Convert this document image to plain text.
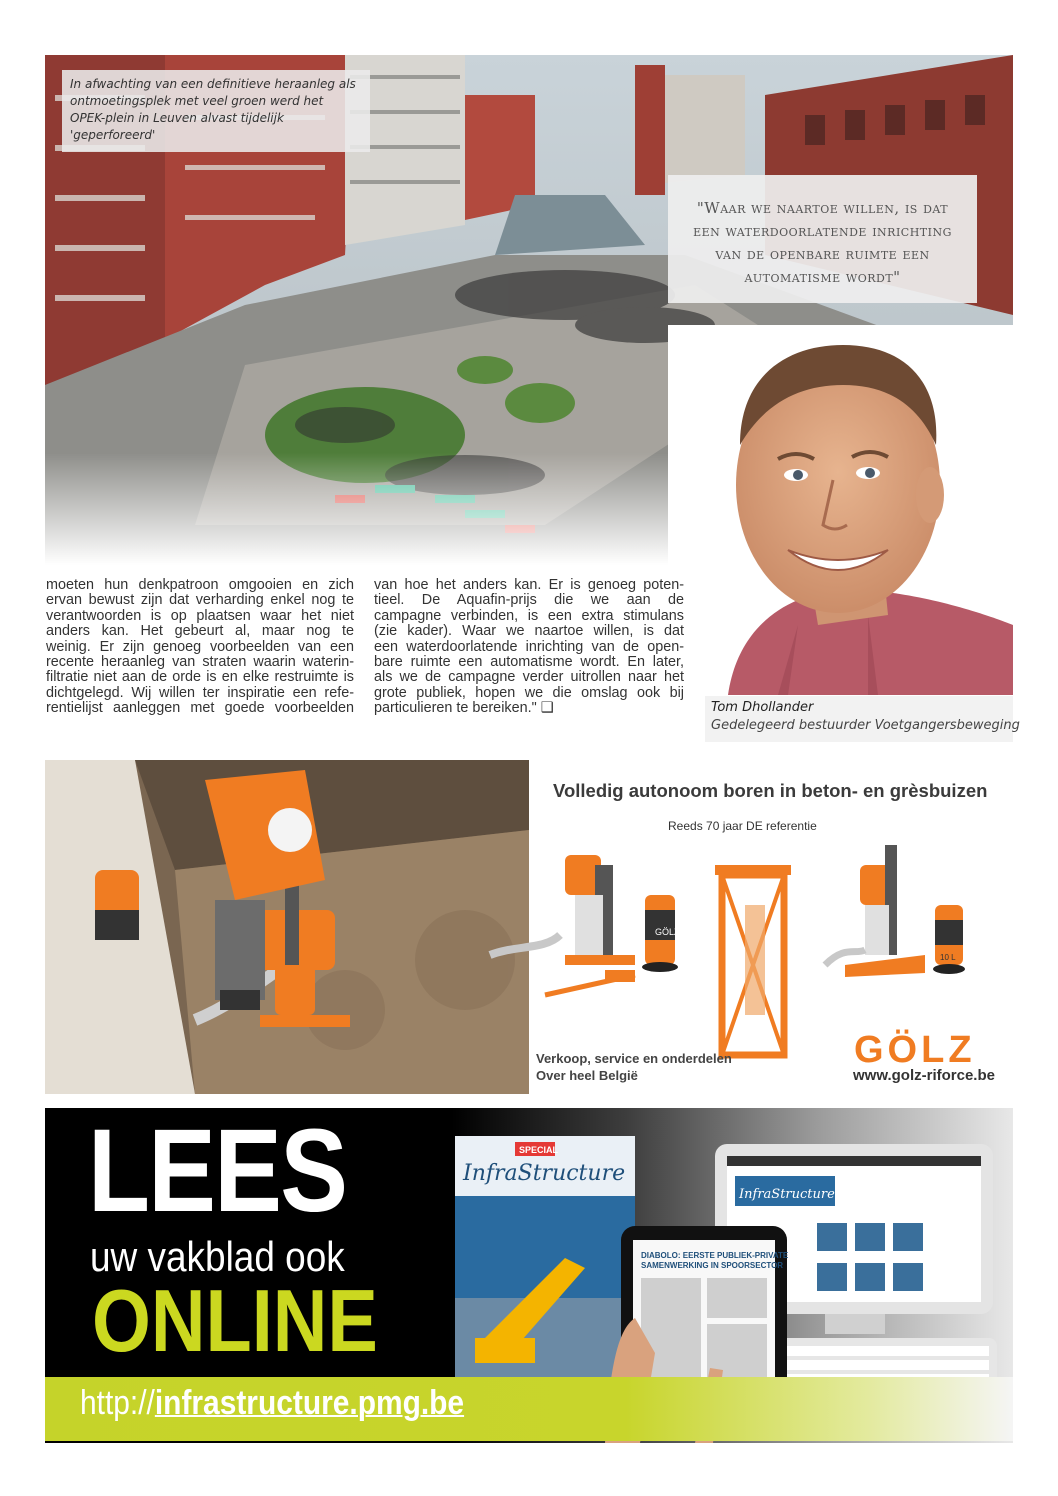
In afwachting van een definitieve heraanleg als ontmoetingsplek met veel groen werd het OPEK-plein in Leuven alvast tijdelijk 'geperforeerd'
"Waar we naartoe willen, is dat
een waterdoorlatende inrichting
van de openbare ruimte een
automatisme wordt"
Tom Dhollander
Gedelegeerd bestuurder Voetgangersbeweging
moeten hun denkpatroon omgooien en zich
ervan bewust zijn dat verharding enkel nog te
verantwoorden is op plaatsen waar het niet
anders kan. Het gebeurt al, maar nog te
weinig. Er zijn genoeg voorbeelden van een
recente heraanleg van straten waarin waterin-
filtratie niet aan de orde is en elke restruimte is
dichtgelegd. Wij willen ter inspiratie een refe-
rentielijst aanleggen met goede voorbeelden
van hoe het anders kan. Er is genoeg poten-
tieel. De Aquafin-prijs die we aan de
campagne verbinden, is een extra stimulans
(zie kader). Waar we naartoe willen, is dat
een waterdoorlatende inrichting van de open-
bare ruimte een automatisme wordt. En later,
als we de campagne verder uitrollen naar het
grote publiek, hopen we die omslag ook bij
particulieren te bereiken." ❑
Volledig autonoom boren in beton- en grèsbuizen
Reeds 70 jaar DE referentie
GÖLZ
10 L
Verkoop, service en onderdelen
Over heel België
GÖLZ
www.golz-riforce.be
InfraStructure
SPECIAL
InfraStructure
DIABOLO: EERSTE PUBLIEK-PRIVATE
SAMENWERKING IN SPOORSECTOR
LEES
uw vakblad ook
ONLINE
http://infrastructure.pmg.be
